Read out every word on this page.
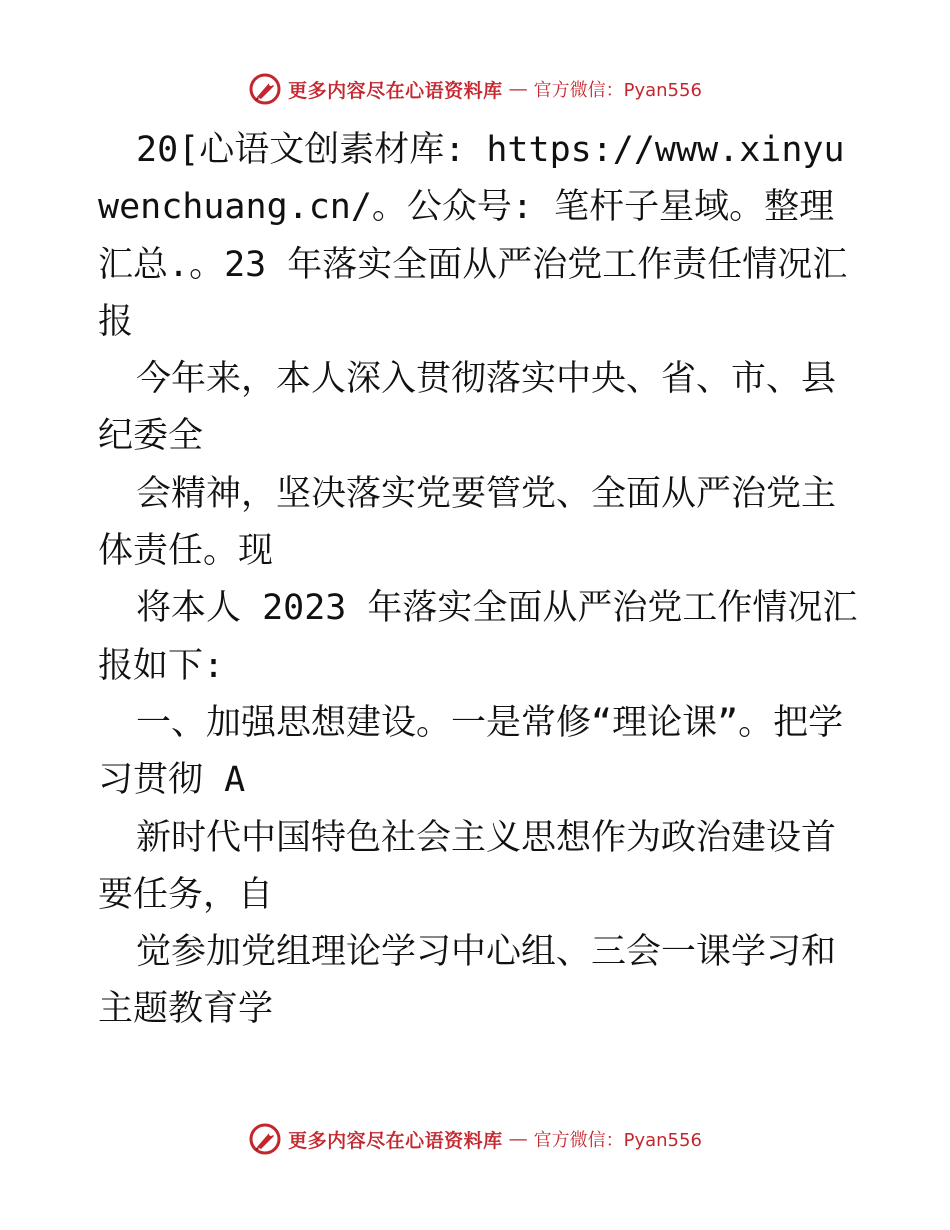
更多内容尽在心语资料库 — 官方微信：Pyan556

20[心语文创素材库: https://www.xinyuwenchuang.cn/。公众号: 笔杆子星域。整理汇总.。23 年落实全面从严治党工作责任情况汇报

今年来，本人深入贯彻落实中央、省、市、县纪委全

会精神，坚决落实党要管党、全面从严治党主体责任。现

将本人 2023 年落实全面从严治党工作情况汇报如下:

一、加强思想建设。一是常修“理论课”。把学习贯彻 A

新时代中国特色社会主义思想作为政治建设首要任务，自

觉参加党组理论学习中心组、三会一课学习和主题教育学

更多内容尽在心语资料库 — 官方微信：Pyan556
